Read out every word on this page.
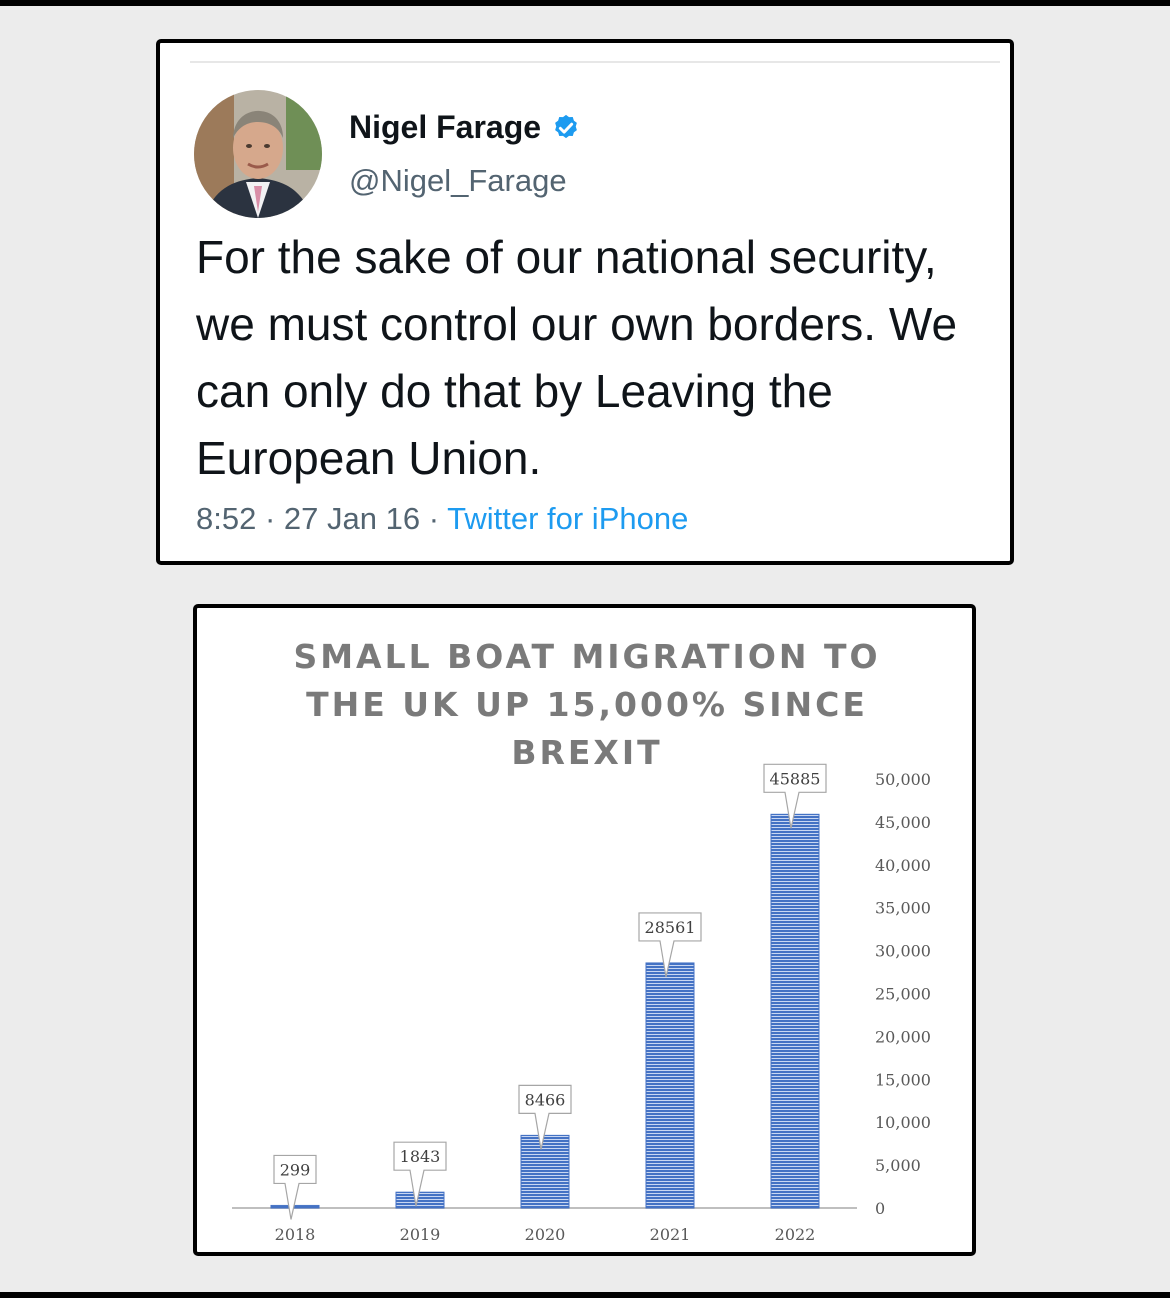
Nigel Farage
@Nigel_Farage
For the sake of our national security, we must control our own borders. We can only do that by Leaving the European Union.
8:52 · 27 Jan 16 · Twitter for iPhone
SMALL BOAT MIGRATION TO THE UK UP 15,000% SINCE BREXIT
0
5,000
10,000
15,000
20,000
25,000
30,000
35,000
40,000
45,000
50,000
2018
299
2019
1843
2020
8466
2021
28561
2022
45885
